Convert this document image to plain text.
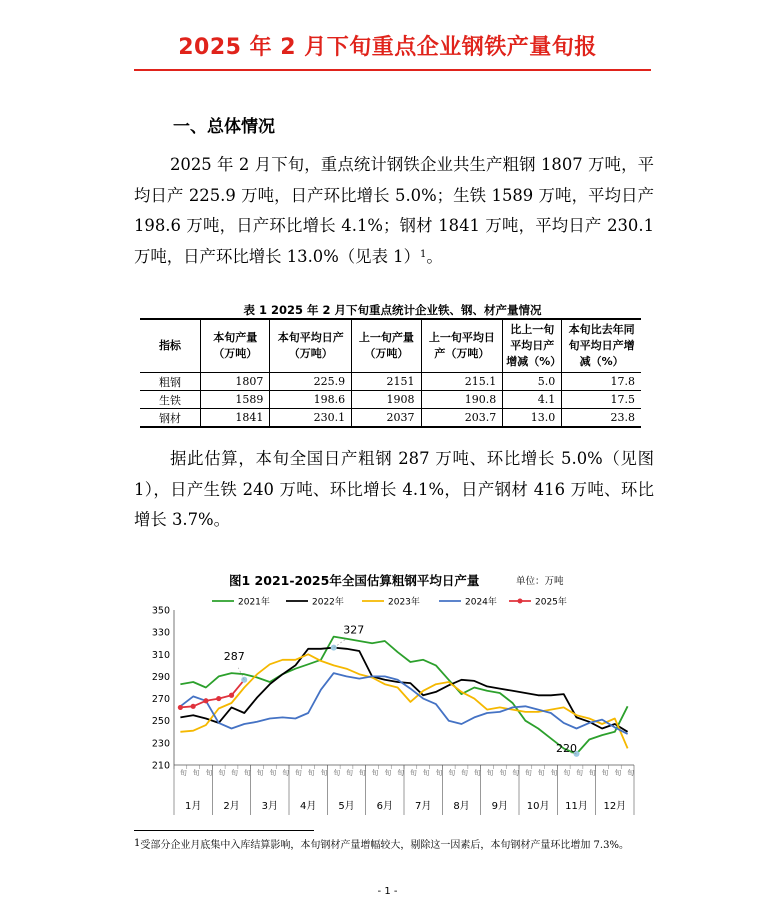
2025 年 2 月下旬重点企业钢铁产量旬报
一、总体情况
2025 年 2 月下旬，重点统计钢铁企业共生产粗钢 1807 万吨，平均日产 225.9 万吨，日产环比增长 5.0%；生铁 1589 万吨，平均日产 198.6 万吨，日产环比增长 4.1%；钢材 1841 万吨，平均日产 230.1 万吨，日产环比增长 13.0%（见表 1）$^1$。
表 1 2025 年 2 月下旬重点统计企业铁、钢、材产量情况
指标	本旬产量（万吨）	本旬平均日产（万吨）	上一旬产量（万吨）	上一旬平均日产（万吨）	比上一旬平均日产增减（%）	本旬比去年同旬平均日产增减（%）
粗钢	1807	225.9	2151	215.1	5.0	17.8
生铁	1589	198.6	1908	190.8	4.1	17.5
钢材	1841	230.1	2037	203.7	13.0	23.8
据此估算，本旬全国日产粗钢 287 万吨、环比增长 5.0%（见图 1），日产生铁 240 万吨、环比增长 4.1%，日产钢材 416 万吨、环比增长 3.7%。
图1 2021-2025年全国估算粗钢平均日产量	单位：万吨
210
230
250
270
290
310
330
350
旬 旬 旬 旬 旬 旬 旬 旬 旬 旬 旬 旬 旬 旬 旬 旬 旬 旬 旬 旬 旬 旬 旬 旬 旬 旬 旬 旬 旬 旬 旬 旬 旬 旬 旬 旬
1月 2月 3月 4月 5月 6月 7月 8月 9月 10月 11月 12月
2021年	2022年	2023年	2024年	2025年
287
327
220
$^1$受部分企业月底集中入库结算影响，本旬钢材产量增幅较大，剔除这一因素后，本旬钢材产量环比增加 7.3%。
- 1 -
